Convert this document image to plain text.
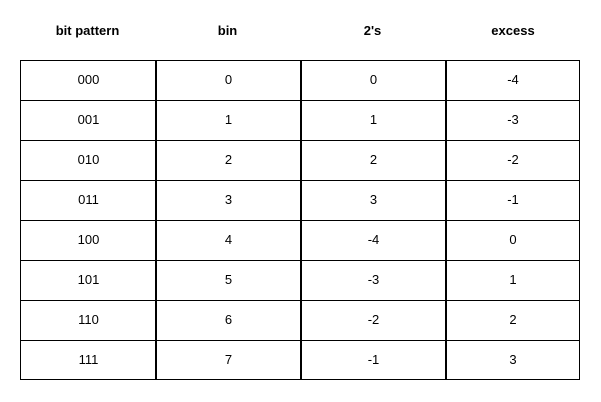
bit pattern	bin	2's	excess
000	0	0	-4
001	1	1	-3
010	2	2	-2
011	3	3	-1
100	4	-4	0
101	5	-3	1
110	6	-2	2
111	7	-1	3
